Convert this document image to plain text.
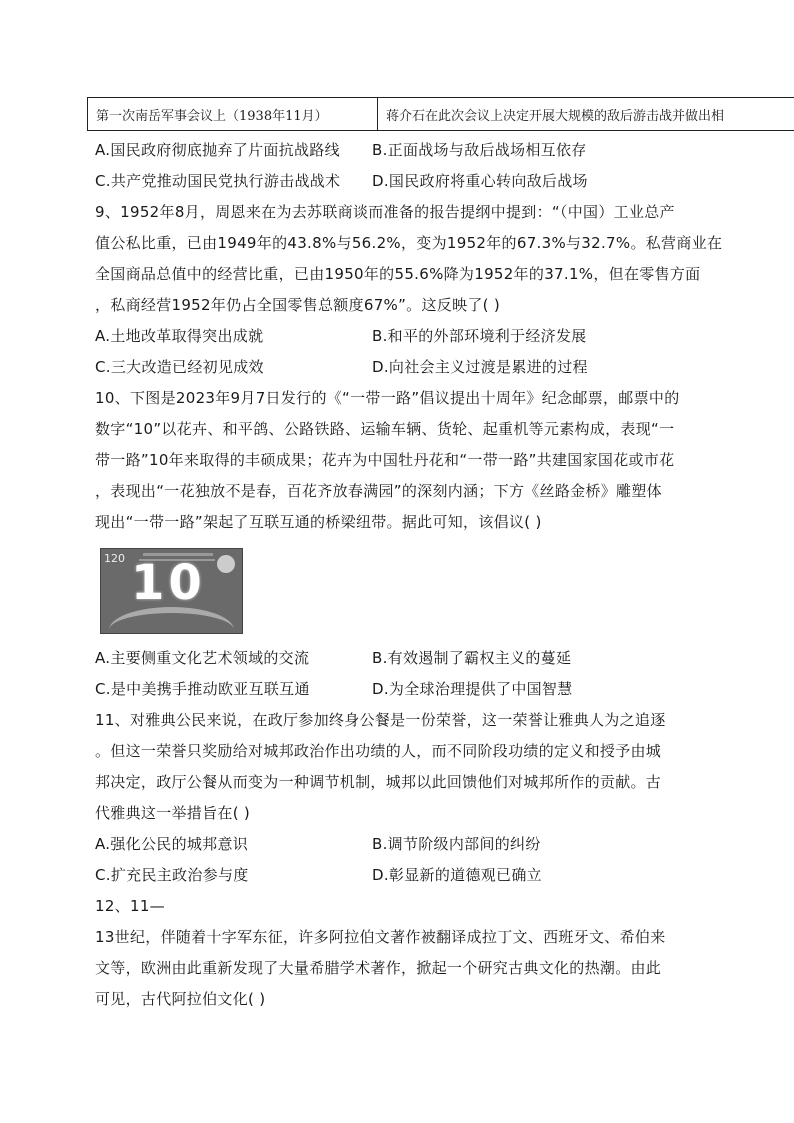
第一次南岳军事会议上（1938年11月）	蒋介石在此次会议上决定开展大规模的敌后游击战并做出相
A.国民政府彻底抛弃了片面抗战路线 B.正面战场与敌后战场相互依存
C.共产党推动国民党执行游击战战术 D.国民政府将重心转向敌后战场
9、1952年8月，周恩来在为去苏联商谈而准备的报告提纲中提到：“（中国）工业总产
值公私比重，已由1949年的43.8%与56.2%，变为1952年的67.3%与32.7%。私营商业在
全国商品总值中的经营比重，已由1950年的55.6%降为1952年的37.1%，但在零售方面
，私商经营1952年仍占全国零售总额度67%”。这反映了( )
A.土地改革取得突出成就	B.和平的外部环境利于经济发展
C.三大改造已经初见成效	D.向社会主义过渡是累进的过程
10、下图是2023年9月7日发行的《“一带一路”倡议提出十周年》纪念邮票，邮票中的
数字“10”以花卉、和平鸽、公路铁路、运输车辆、货轮、起重机等元素构成，表现“一
带一路”10年来取得的丰硕成果；花卉为中国牡丹花和“一带一路”共建国家国花或市花
，表现出“一花独放不是春，百花齐放春满园”的深刻内涵；下方《丝路金桥》雕塑体
现出“一带一路”架起了互联互通的桥梁纽带。据此可知，该倡议( )
120 10
A.主要侧重文化艺术领域的交流	B.有效遏制了霸权主义的蔓延
C.是中美携手推动欧亚互联互通	D.为全球治理提供了中国智慧
11、对雅典公民来说，在政厅参加终身公餐是一份荣誉，这一荣誉让雅典人为之追逐
。但这一荣誉只奖励给对城邦政治作出功绩的人，而不同阶段功绩的定义和授予由城
邦决定，政厅公餐从而变为一种调节机制，城邦以此回馈他们对城邦所作的贡献。古
代雅典这一举措旨在( )
A.强化公民的城邦意识	B.调节阶级内部间的纠纷
C.扩充民主政治参与度	D.彰显新的道德观已确立
12、11—
13世纪，伴随着十字军东征，许多阿拉伯文著作被翻译成拉丁文、西班牙文、希伯来
文等，欧洲由此重新发现了大量希腊学术著作，掀起一个研究古典文化的热潮。由此
可见，古代阿拉伯文化( )
